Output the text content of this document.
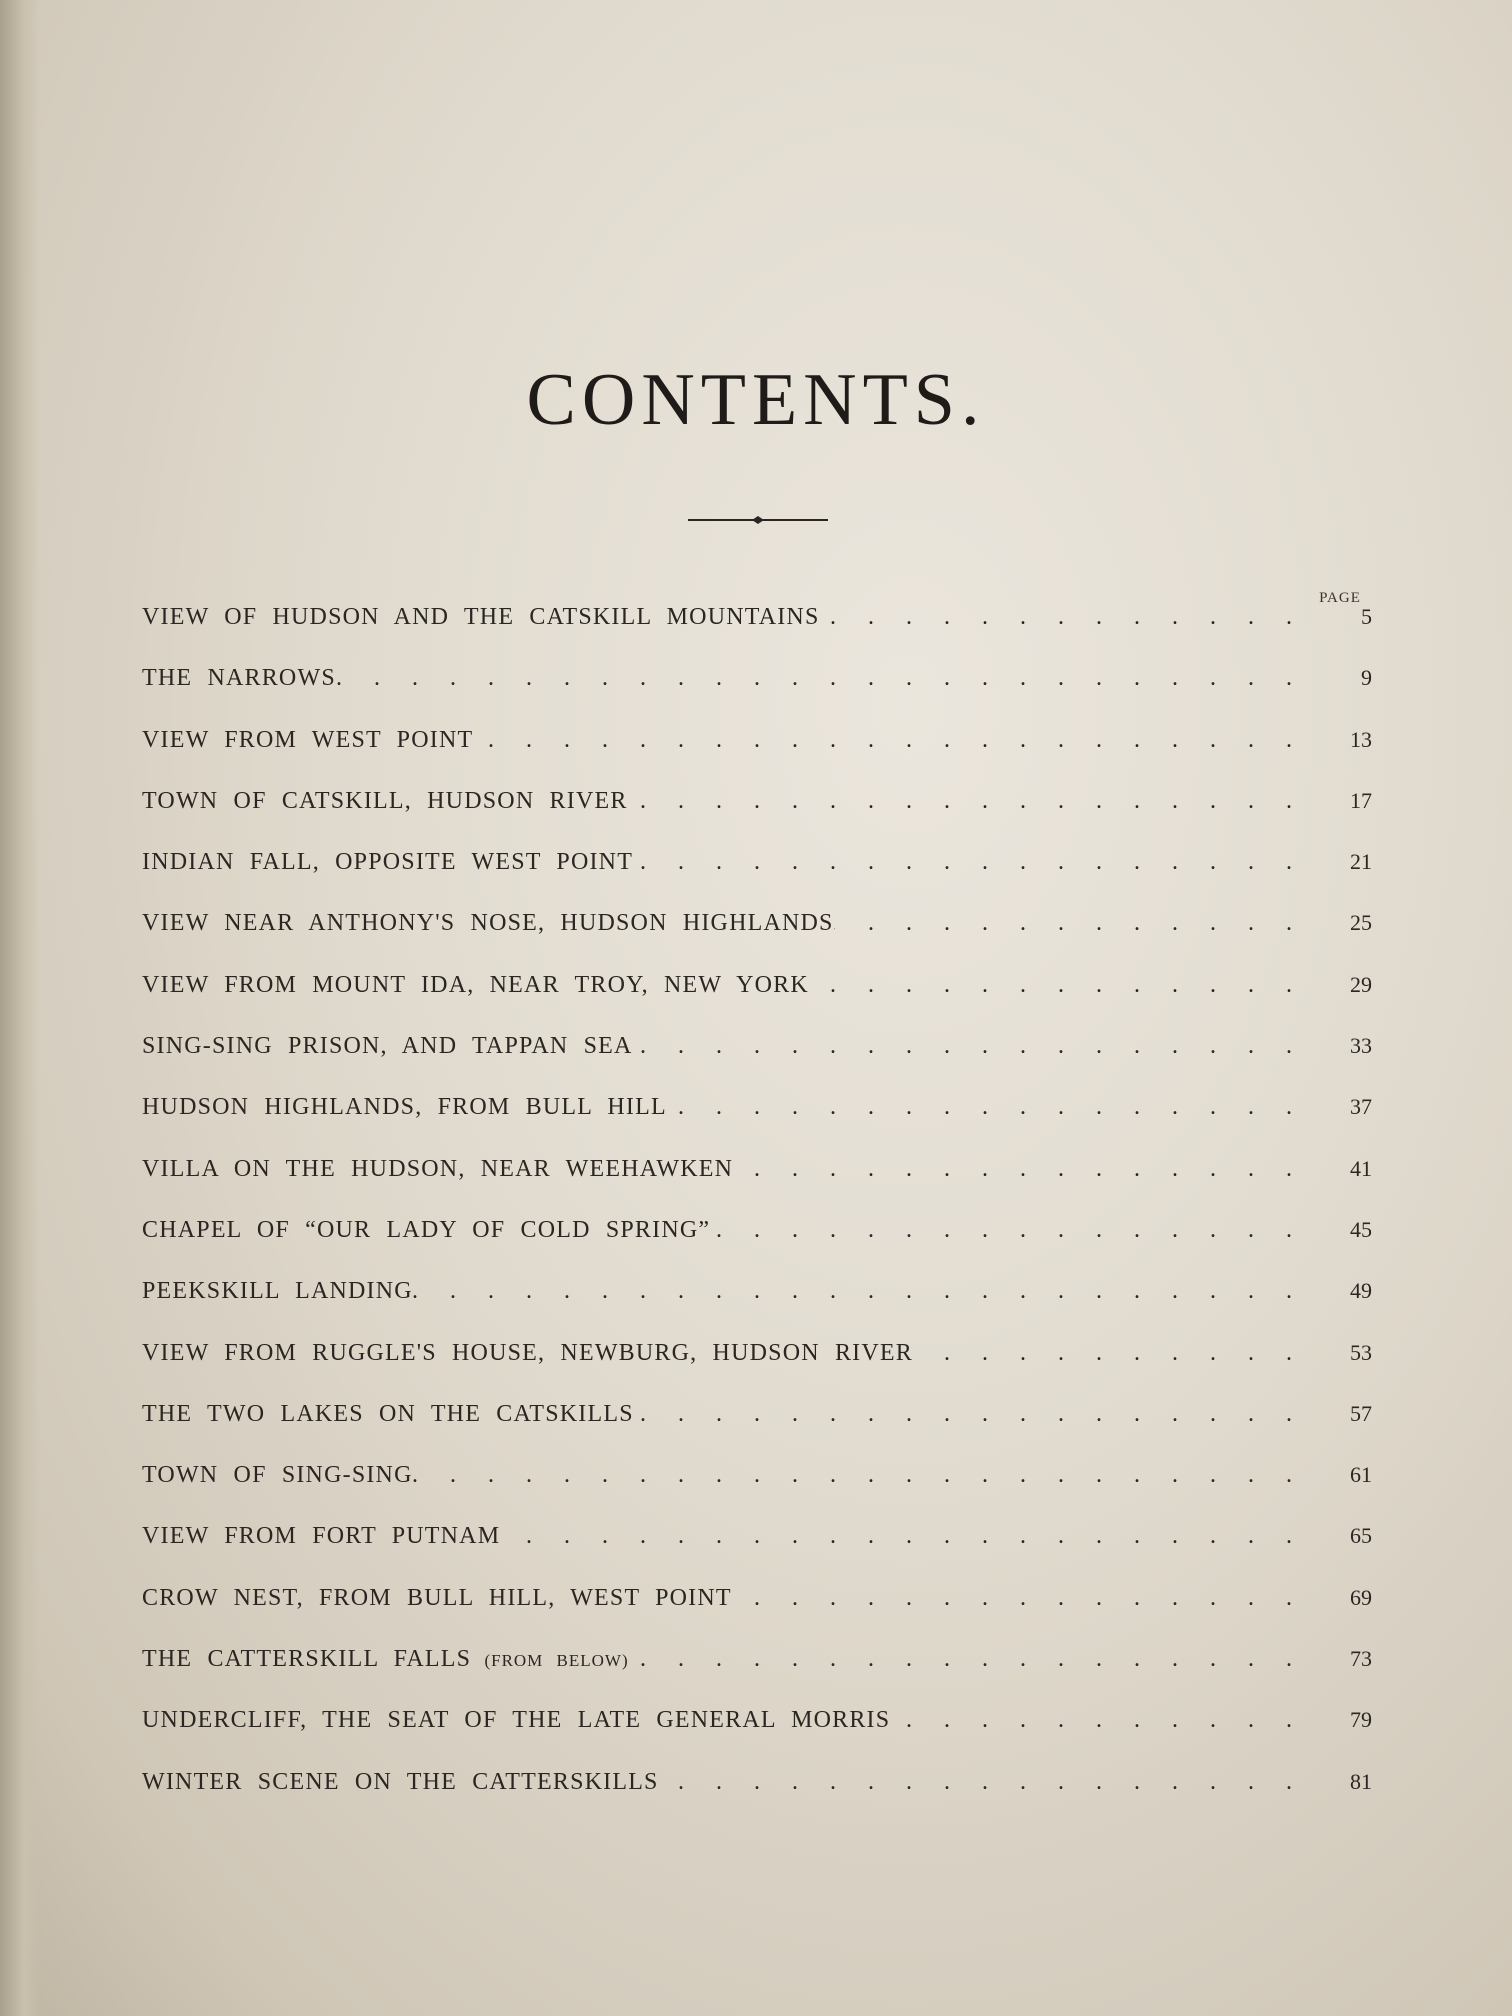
CONTENTS.
PAGE
VIEW OF HUDSON AND THE CATSKILL MOUNTAINS . . .	5
THE NARROWS . . .	9
VIEW FROM WEST POINT . . .	13
TOWN OF CATSKILL, HUDSON RIVER . . .	17
INDIAN FALL, OPPOSITE WEST POINT . . .	21
VIEW NEAR ANTHONY'S NOSE, HUDSON HIGHLANDS . . .	25
VIEW FROM MOUNT IDA, NEAR TROY, NEW YORK . . .	29
SING-SING PRISON, AND TAPPAN SEA . . .	33
HUDSON HIGHLANDS, FROM BULL HILL . . .	37
VILLA ON THE HUDSON, NEAR WEEHAWKEN . . .	41
CHAPEL OF “OUR LADY OF COLD SPRING” . . .	45
PEEKSKILL LANDING . . .	49
VIEW FROM RUGGLE'S HOUSE, NEWBURG, HUDSON RIVER . . .	53
THE TWO LAKES ON THE CATSKILLS . . .	57
TOWN OF SING-SING . . .	61
VIEW FROM FORT PUTNAM . . .	65
CROW NEST, FROM BULL HILL, WEST POINT . . .	69
THE CATTERSKILL FALLS (FROM BELOW) . . .	73
UNDERCLIFF, THE SEAT OF THE LATE GENERAL MORRIS . . .	79
WINTER SCENE ON THE CATTERSKILLS . . .	81
